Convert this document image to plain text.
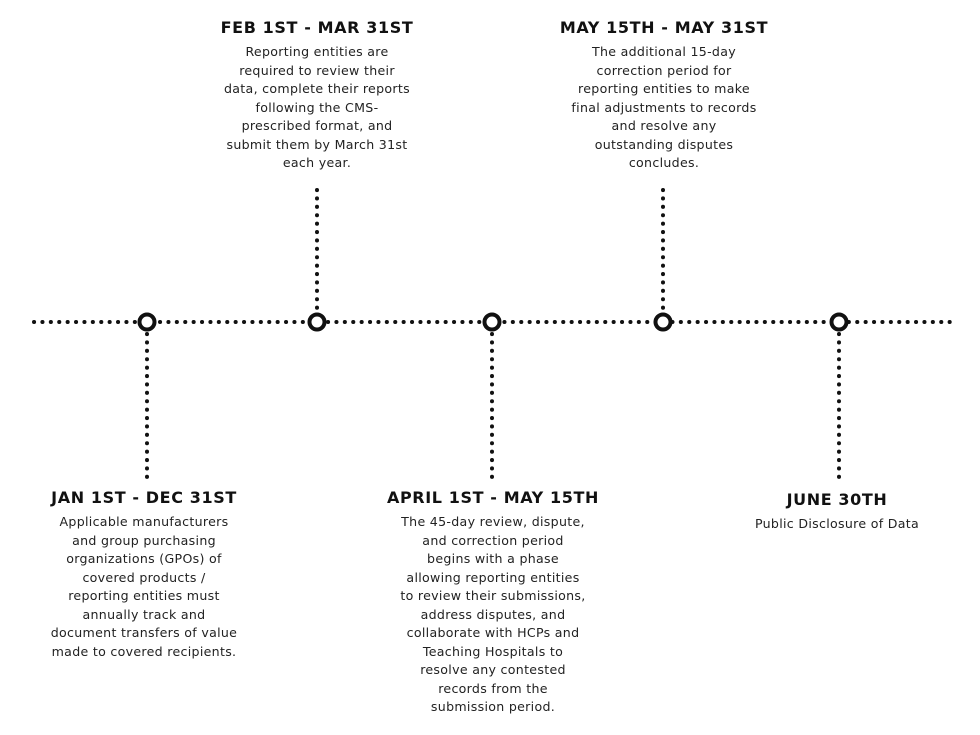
JAN 1ST - DEC 31ST
Applicable manufacturers
and group purchasing
organizations (GPOs) of
covered products /
reporting entities must
annually track and
document transfers of value
made to covered recipients.
FEB 1ST - MAR 31ST
Reporting entities are
required to review their
data, complete their reports
following the CMS-
prescribed format, and
submit them by March 31st
each year.
APRIL 1ST - MAY 15TH
The 45-day review, dispute,
and correction period
begins with a phase
allowing reporting entities
to review their submissions,
address disputes, and
collaborate with HCPs and
Teaching Hospitals to
resolve any contested
records from the
submission period.
MAY 15TH - MAY 31ST
The additional 15-day
correction period for
reporting entities to make
final adjustments to records
and resolve any
outstanding disputes
concludes.
JUNE 30TH
Public Disclosure of Data
